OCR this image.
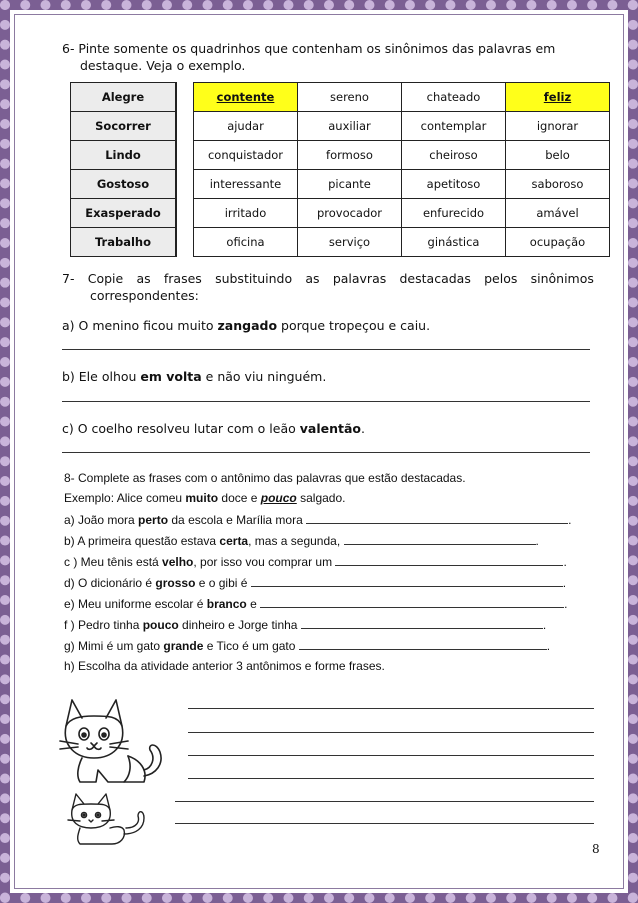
6- Pinte somente os quadrinhos que contenham os sinônimos das palavras em
destaque. Veja o exemplo.
Alegre		contente	sereno	chateado	feliz
Socorrer		ajudar	auxiliar	contemplar	ignorar
Lindo		conquistador	formoso	cheiroso	belo
Gostoso		interessante	picante	apetitoso	saboroso
Exasperado		irritado	provocador	enfurecido	amável
Trabalho		oficina	serviço	ginástica	ocupação
7- Copie as frases substituindo as palavras destacadas pelos sinônimos
correspondentes:
a) O menino ficou muito zangado porque tropeçou e caiu.
b) Ele olhou em volta e não viu ninguém.
c) O coelho resolveu lutar com o leão valentão.
8- Complete as frases com o antônimo das palavras que estão destacadas.
Exemplo: Alice comeu muito doce e pouco salgado.
a) João mora perto da escola e Marília mora	.
b) A primeira questão estava certa, mas a segunda,	.
c ) Meu tênis está velho, por isso vou comprar um	.
d) O dicionário é grosso e o gibi é	.
e) Meu uniforme escolar é branco e	.
f ) Pedro tinha pouco dinheiro e Jorge tinha	.
g) Mimi é um gato grande e Tico é um gato	.
h) Escolha da atividade anterior 3 antônimos e forme frases.
8
